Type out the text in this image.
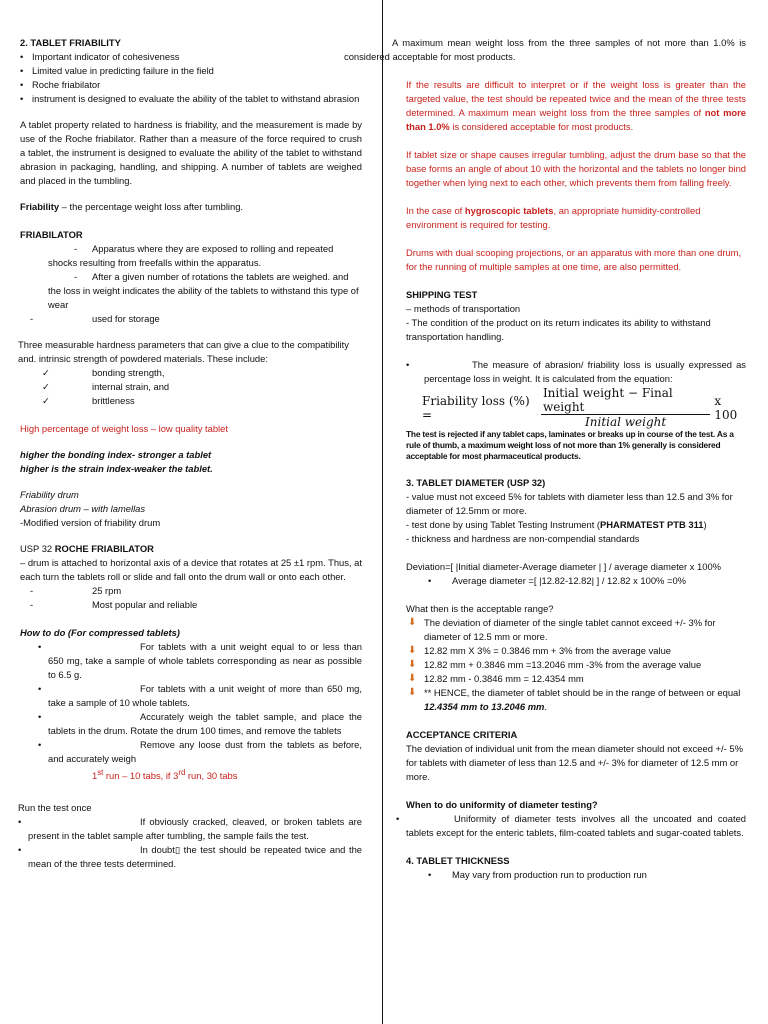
2. TABLET FRIABILITY

• Important indicator of cohesiveness

• Limited value in predicting failure in the field

• Roche friabilator

• instrument is designed to evaluate the ability of the tablet to withstand abrasion

A tablet property related to hardness is friability, and the measurement is made by use of the Roche friabilator. Rather than a measure of the force required to crush a tablet, the instrument is designed to evaluate the ability of the tablet to withstand abrasion in packaging, handling, and shipping. A number of tablets are weighed and placed in the tumbling.

Friability – the percentage weight loss after tumbling.

FRIABILATOR

- Apparatus where they are exposed to rolling and repeated shocks resulting from freefalls within the apparatus.

- After a given number of rotations the tablets are weighed. and the loss in weight indicates the ability of the tablets to withstand this type of wear

- used for storage

Three measurable hardness parameters that can give a clue to the compatibility and. intrinsic strength of powdered materials. These include:

✓ bonding strength,

✓ internal strain, and

✓ brittleness

High percentage of weight loss – low quality tablet

higher the bonding index- stronger a tablet

higher is the strain index-weaker the tablet.

Friability drum

Abrasion drum – with lamellas

-Modified version of friability drum

USP 32 ROCHE FRIABILATOR

– drum is attached to horizontal axis of a device that rotates at 25 ±1 rpm. Thus, at each turn the tablets roll or slide and fall onto the drum wall or onto each other.

- 25 rpm

- Most popular and reliable

How to do (For compressed tablets)

•	For tablets with a unit weight equal to or less than 650 mg, take a sample of whole tablets corresponding as near as possible to 6.5 g.

•	For tablets with a unit weight of more than 650 mg, take a sample of 10 whole tablets.

•	Accurately weigh the tablet sample, and place the tablets in the drum. Rotate the drum 100 times, and remove the tablets

•	Remove any loose dust from the tablets as before, and accurately weigh

1st run – 10 tabs, if 3rd run, 30 tabs

Run the test once

•	If obviously cracked, cleaved, or broken tablets are present in the tablet sample after tumbling, the sample fails the test.

•	In doubt▯ the test should be repeated twice and the mean of the three tests determined.

A maximum mean weight loss from the three samples of not more than 1.0% is considered acceptable for most products.

If the results are difficult to interpret or if the weight loss is greater than the targeted value, the test should be repeated twice and the mean of the three tests determined. A maximum mean weight loss from the three samples of not more than 1.0% is considered acceptable for most products.

If tablet size or shape causes irregular tumbling, adjust the drum base so that the base forms an angle of about 10 with the horizontal and the tablets no longer bind together when lying next to each other, which prevents them from falling freely.

In the case of hygroscopic tablets, an appropriate humidity-controlled environment is required for testing.

Drums with dual scooping projections, or an apparatus with more than one drum, for the running of multiple samples at one time, are also permitted.

SHIPPING TEST

– methods of transportation

- The condition of the product on its return indicates its ability to withstand transportation handling.

•	The measure of abrasion/ friability loss is usually expressed as percentage loss in weight. It is calculated from the equation:

Friability loss (%) =	$\frac{\text{Initial weight − Final weight}}{\text{Initial weight}}$ x 100

The test is rejected if any tablet caps, laminates or breaks up in course of the test. As a rule of thumb, a maximum weight loss of not more than 1% generally is considered acceptable for most pharmaceutical products.

3. TABLET DIAMETER (USP 32)

- value must not exceed 5% for tablets with diameter less than 12.5 and 3% for diameter of 12.5mm or more.

- test done by using Tablet Testing Instrument (PHARMATEST PTB 311)

- thickness and hardness are non-compendial standards

Deviation=[ |Initial diameter-Average diameter | ] / average diameter x 100%

• Average diameter =[ |12.82-12.82| ] / 12.82 x 100% =0%

What then is the acceptable range?

⬇ The deviation of diameter of the single tablet cannot exceed +/- 3% for diameter of 12.5 mm or more.

⬇ 12.82 mm X 3% = 0.3846 mm + 3% from the average value

⬇ 12.82 mm + 0.3846 mm =13.2046 mm -3% from the average value

⬇ 12.82 mm - 0.3846 mm = 12.4354 mm

⬇ ** HENCE, the diameter of tablet should be in the range of between or equal 12.4354 mm to 13.2046 mm.

ACCEPTANCE CRITERIA

The deviation of individual unit from the mean diameter should not exceed +/- 5% for tablets with diameter of less than 12.5 and +/- 3% for diameter of 12.5 mm or more.

When to do uniformity of diameter testing?

•	Uniformity of diameter tests involves all the uncoated and coated tablets except for the enteric tablets, film-coated tablets and sugar-coated tablets.

4. TABLET THICKNESS

• May vary from production run to production run
